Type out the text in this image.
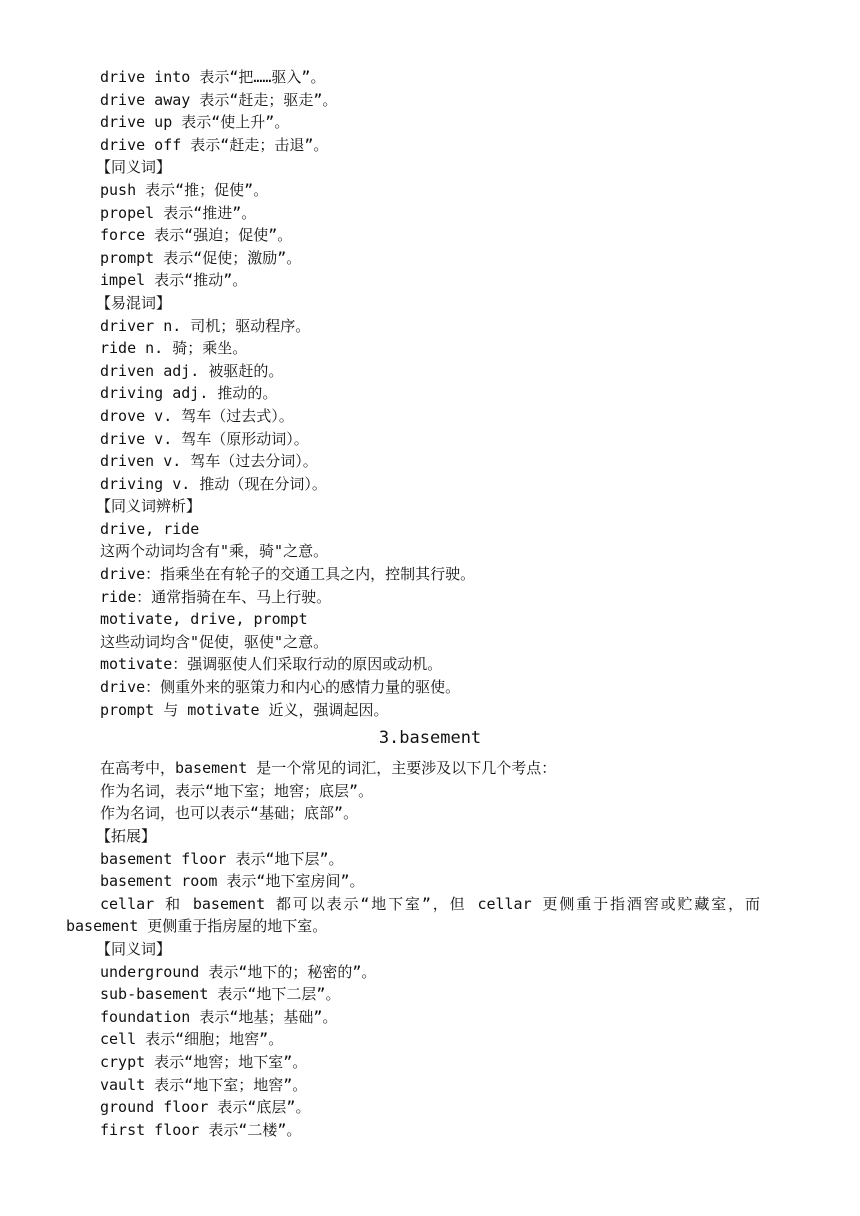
drive into 表示“把……驱入”。
drive away 表示“赶走；驱走”。
drive up 表示“使上升”。
drive off 表示“赶走；击退”。
【同义词】
push 表示“推；促使”。
propel 表示“推进”。
force 表示“强迫；促使”。
prompt 表示“促使；激励”。
impel 表示“推动”。
【易混词】
driver n. 司机；驱动程序。
ride n. 骑；乘坐。
driven adj. 被驱赶的。
driving adj. 推动的。
drove v. 驾车（过去式）。
drive v. 驾车（原形动词）。
driven v. 驾车（过去分词）。
driving v. 推动（现在分词）。
【同义词辨析】
drive, ride
这两个动词均含有"乘，骑"之意。
drive：指乘坐在有轮子的交通工具之内，控制其行驶。
ride：通常指骑在车、马上行驶。
motivate, drive, prompt
这些动词均含"促使，驱使"之意。
motivate：强调驱使人们采取行动的原因或动机。
drive：侧重外来的驱策力和内心的感情力量的驱使。
prompt 与 motivate 近义，强调起因。
3.basement
在高考中，basement 是一个常见的词汇，主要涉及以下几个考点：
作为名词，表示“地下室；地窖；底层”。
作为名词，也可以表示“基础；底部”。
【拓展】
basement floor 表示“地下层”。
basement room 表示“地下室房间”。
cellar 和 basement 都可以表示“地下室”，但 cellar 更侧重于指酒窖或贮藏室，而 basement 更侧重于指房屋的地下室。
【同义词】
underground 表示“地下的；秘密的”。
sub-basement 表示“地下二层”。
foundation 表示“地基；基础”。
cell 表示“细胞；地窖”。
crypt 表示“地窖；地下室”。
vault 表示“地下室；地窖”。
ground floor 表示“底层”。
first floor 表示“二楼”。
